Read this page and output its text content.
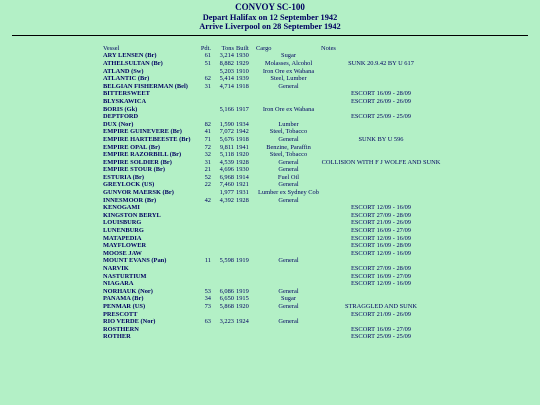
CONVOY SC-100
Depart Halifax on 12 September 1942
Arrive Liverpool on 28 September 1942
Vessel	Pdt.	Tons	Built	Cargo	Notes
ARY LENSEN (Br)	61	3,214	1930	Sugar	
ATHELSULTAN (Br)	51	8,882	1929	Molasses, Alcohol	SUNK 20.9.42 BY U 617
ATLAND (Sw)		5,203	1910	Iron Ore ex Wabana	
ATLANTIC (Br)	62	5,414	1939	Steel, Lumber	
BELGIAN FISHERMAN (Bel)	31	4,714	1918	General	
BITTERSWEET					ESCORT 16/09 - 28/09
BLYSKAWICA					ESCORT 26/09 - 26/09
BORIS (Gk)		5,166	1917	Iron Ore ex Wabana	
DEPTFORD					ESCORT 25/09 - 25/09
DUX (Nor)	82	1,590	1934	Lumber	
EMPIRE GUINEVERE (Br)	41	7,072	1942	Steel, Tobacco	
EMPIRE HARTEBEESTE (Br)	71	5,676	1918	General	SUNK BY U 596
EMPIRE OPAL (Br)	72	9,811	1941	Benzine, Paraffin	
EMPIRE RAZORBILL (Br)	32	5,118	1920	Steel, Tobacco	
EMPIRE SOLDIER (Br)	31	4,539	1928	General	COLLISION WITH F J WOLFE AND SUNK
EMPIRE STOUR (Br)	21	4,696	1930	General	
ESTURIA (Br)	52	6,968	1914	Fuel Oil	
GREYLOCK (US)	22	7,460	1921	General	
GUNVOR MAERSK (Br)		1,977	1931	Lumber ex Sydney Cob	
INNESMOOR (Br)	42	4,392	1928	General	
KENOGAMI					ESCORT 12/09 - 16/09
KINGSTON BERYL					ESCORT 27/09 - 28/09
LOUISBURG					ESCORT 21/09 - 26/09
LUNENBURG					ESCORT 16/09 - 27/09
MATAPEDIA					ESCORT 12/09 - 16/09
MAYFLOWER					ESCORT 16/09 - 28/09
MOOSE JAW					ESCORT 12/09 - 16/09
MOUNT EVANS (Pan)	11	5,598	1919	General	
NARVIK					ESCORT 27/09 - 28/09
NASTURTIUM					ESCORT 16/09 - 27/09
NIAGARA					ESCORT 12/09 - 16/09
NORHAUK (Nor)	53	6,086	1919	General	
PANAMA (Br)	34	6,650	1915	Sugar	
PENMAR (US)	73	5,868	1920	General	STRAGGLED AND SUNK
PRESCOTT					ESCORT 21/09 - 26/09
RIO VERDE (Nor)	63	3,223	1924	General	
ROSTHERN					ESCORT 16/09 - 27/09
ROTHER					ESCORT 25/09 - 25/09
